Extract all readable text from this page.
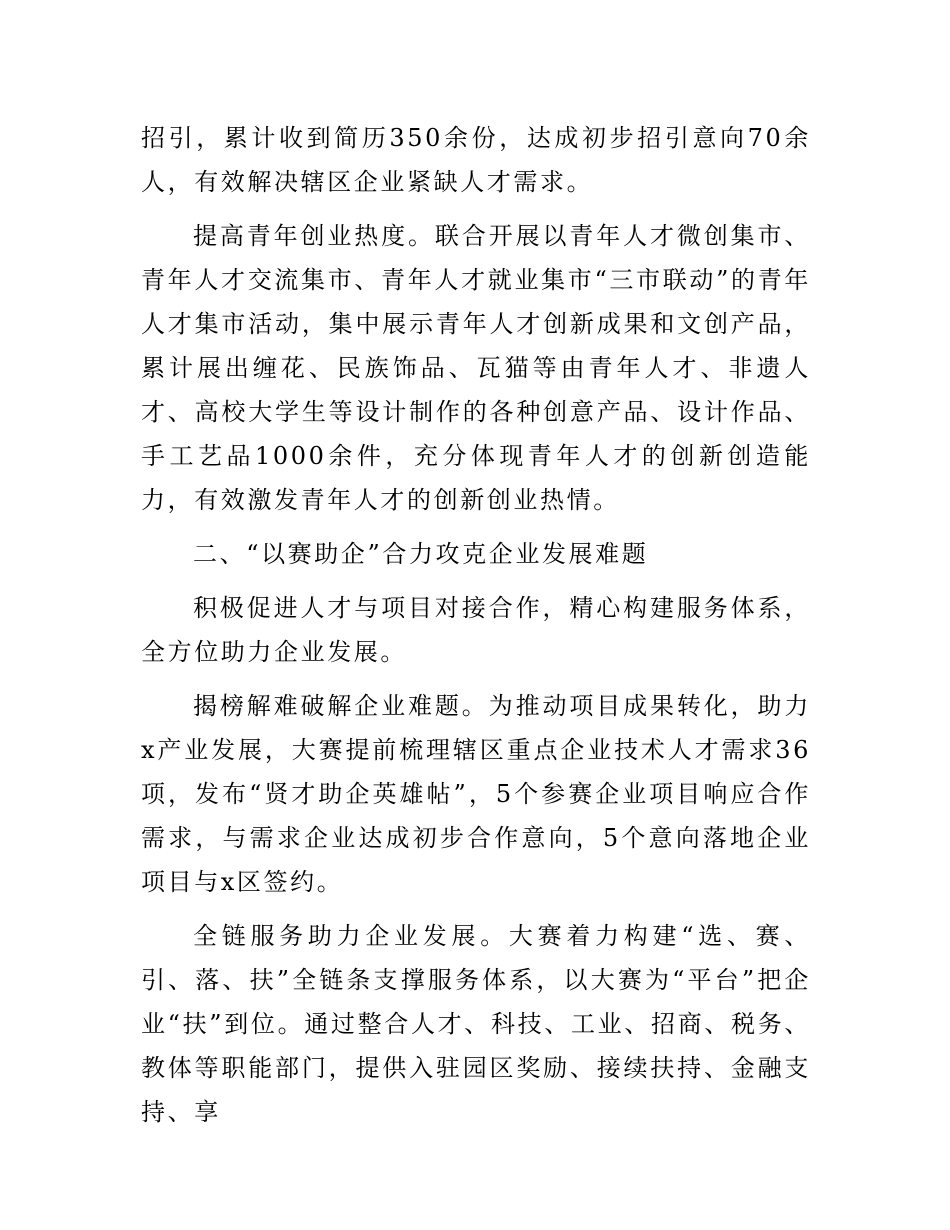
招引，累计收到简历350余份，达成初步招引意向70余人，有效解决辖区企业紧缺人才需求。

提高青年创业热度。联合开展以青年人才微创集市、青年人才交流集市、青年人才就业集市“三市联动”的青年人才集市活动，集中展示青年人才创新成果和文创产品，累计展出缠花、民族饰品、瓦猫等由青年人才、非遗人才、高校大学生等设计制作的各种创意产品、设计作品、手工艺品1000余件，充分体现青年人才的创新创造能力，有效激发青年人才的创新创业热情。

二、“以赛助企”合力攻克企业发展难题

积极促进人才与项目对接合作，精心构建服务体系，全方位助力企业发展。

揭榜解难破解企业难题。为推动项目成果转化，助力x产业发展，大赛提前梳理辖区重点企业技术人才需求36项，发布“贤才助企英雄帖”，5个参赛企业项目响应合作需求，与需求企业达成初步合作意向，5个意向落地企业项目与x区签约。

全链服务助力企业发展。大赛着力构建“选、赛、引、落、扶”全链条支撑服务体系，以大赛为“平台”把企业“扶”到位。通过整合人才、科技、工业、招商、税务、教体等职能部门，提供入驻园区奖励、接续扶持、金融支持、享
